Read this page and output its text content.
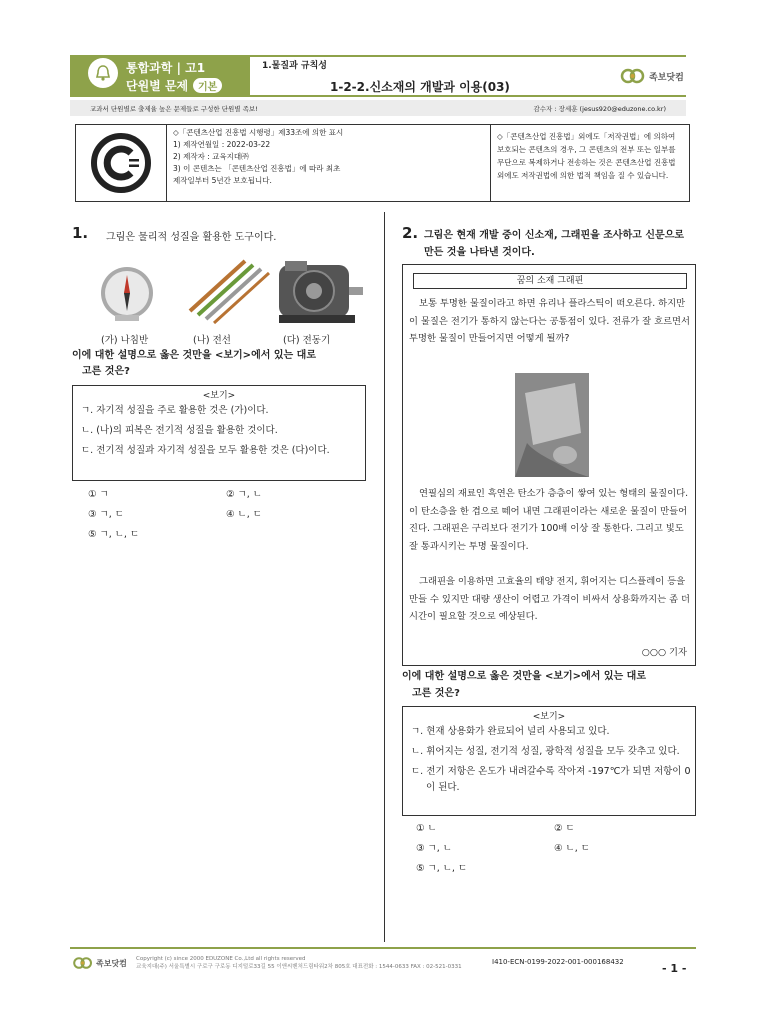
통합과학 | 고1
단원별 문제 기본
1.물질과 규칙성
1-2-2.신소재의 개발과 이용(03)
족보닷컴
교과서 단원별로 출제율 높은 문제들로 구성한 단원별 족보!	감수자 : 장세훈 (jesus920@eduzone.co.kr)
◇「콘텐츠산업 진흥법 시행령」제33조에 의한 표시
1) 제작연월일 : 2022-03-22
2) 제작자 : 교육지대㈜
3) 이 콘텐츠는 「콘텐츠산업 진흥법」에 따라 최초
제작일부터 5년간 보호됩니다.
◇「콘텐츠산업 진흥법」외에도「저작권법」에 의하여 보호되는 콘텐츠의 경우, 그 콘텐츠의 전부 또는 일부를 무단으로 복제하거나 전송하는 것은 콘텐츠산업 진흥법 외에도 저작권법에 의한 법적 책임을 질 수 있습니다.
1. 그림은 물리적 성질을 활용한 도구이다.
(가) 나침반	(나) 전선	(다) 전동기
이에 대한 설명으로 옳은 것만을 <보기>에서 있는 대로
고른 것은?
<보기>
ㄱ. 자기적 성질을 주로 활용한 것은 (가)이다.
ㄴ. (나)의 피복은 전기적 성질을 활용한 것이다.
ㄷ. 전기적 성질과 자기적 성질을 모두 활용한 것은 (다)이다.
① ㄱ	② ㄱ, ㄴ
③ ㄱ, ㄷ	④ ㄴ, ㄷ
⑤ ㄱ, ㄴ, ㄷ
2. 그림은 현재 개발 중이 신소재, 그래핀을 조사하고 신문으로 만든 것을 나타낸 것이다.
꿈의 소재 그래핀
보통 투명한 물질이라고 하면 유리나 플라스틱이 떠오른다. 하지만 이 물질은 전기가 통하지 않는다는 공통점이 있다. 전류가 잘 흐르면서 투명한 물질이 만들어지면 어떻게 될까?
연필심의 재료인 흑연은 탄소가 층층이 쌓여 있는 형태의 물질이다. 이 탄소층을 한 겹으로 떼어 내면 그래핀이라는 새로운 물질이 만들어진다. 그래핀은 구리보다 전기가 100배 이상 잘 통한다. 그리고 빛도 잘 통과시키는 투명 물질이다.
그래핀을 이용하면 고효율의 태양 전지, 휘어지는 디스플레이 등을 만들 수 있지만 대량 생산이 어렵고 가격이 비싸서 상용화까지는 좀 더 시간이 필요할 것으로 예상된다.
○○○ 기자
이에 대한 설명으로 옳은 것만을 <보기>에서 있는 대로
고른 것은?
<보기>
ㄱ. 현재 상용화가 완료되어 널리 사용되고 있다.
ㄴ. 휘어지는 성질, 전기적 성질, 광학적 성질을 모두 갖추고 있다.
ㄷ. 전기 저항은 온도가 내려갈수록 작아져 -197℃가 되면 저항이 0이 된다.
① ㄴ	② ㄷ
③ ㄱ, ㄴ	④ ㄴ, ㄷ
⑤ ㄱ, ㄴ, ㄷ
족보닷컴 Copyright (c) since 2000 EDUZONE Co.,Ltd all rights reserved
교육지대(주) 서울특별시 구로구 구로동 디지털로33길 55 이앤씨벤처드림타워2차 805호 대표전화 : 1544-0633 FAX : 02-521-0331
I410-ECN-0199-2022-001-000168432	- 1 -
